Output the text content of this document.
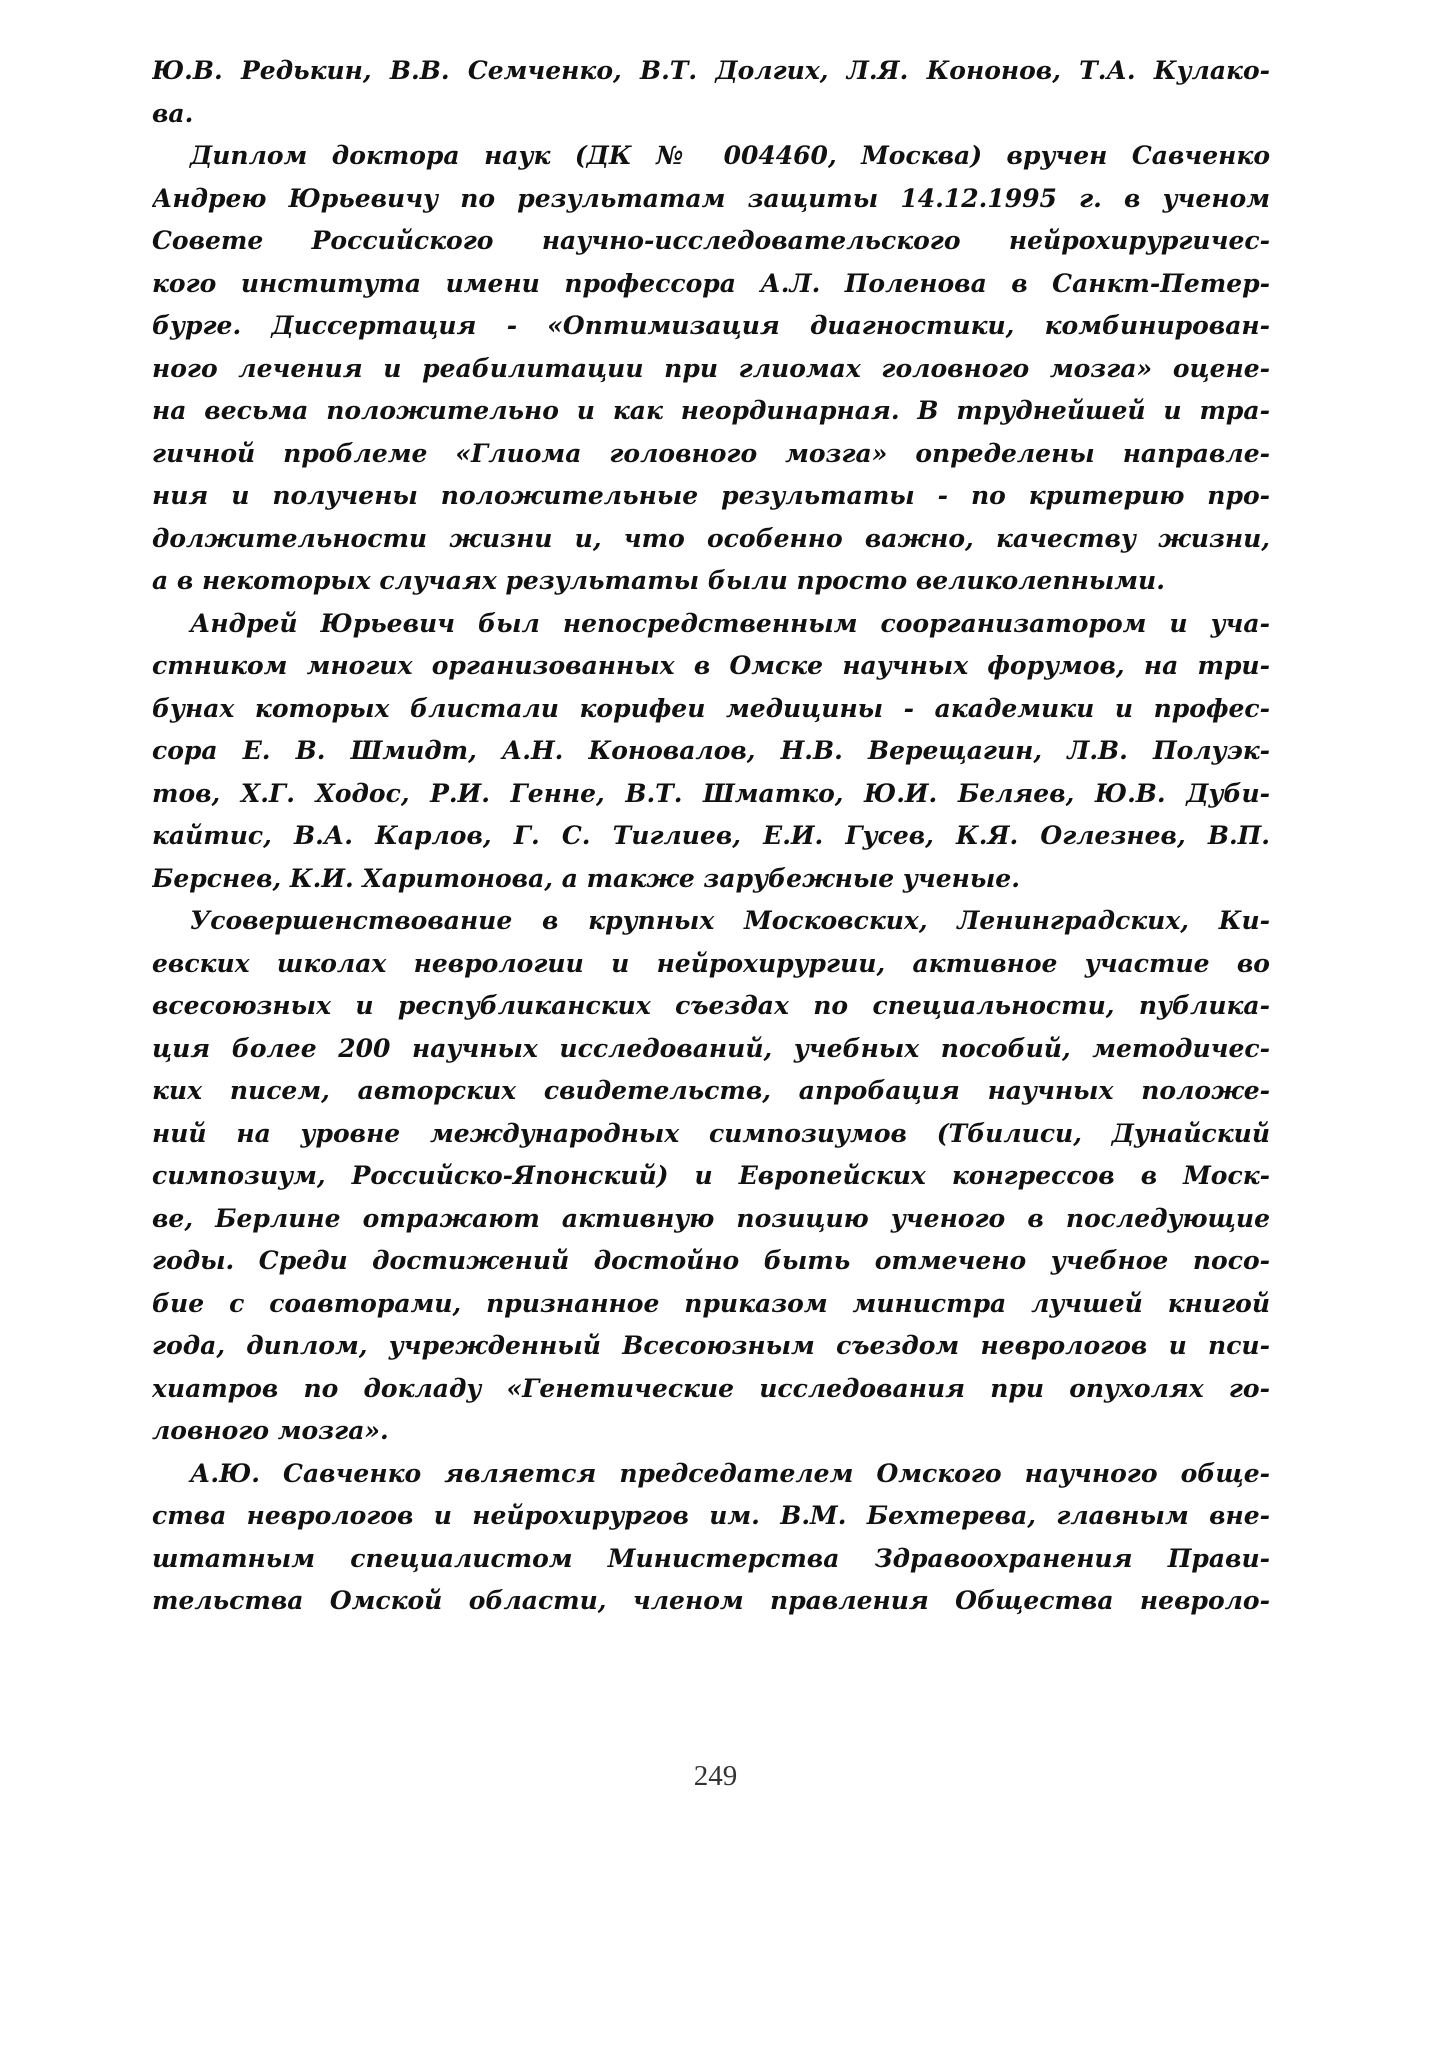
Ю.В. Редькин, В.В. Семченко, В.Т. Долгих, Л.Я. Кононов, Т.А. Кулако-
ва.
Диплом доктора наук (ДК № 004460, Москва) вручен Савченко
Андрею Юрьевичу по результатам защиты 14.12.1995 г. в ученом
Совете Российского научно-исследовательского нейрохирургичес-
кого института имени профессора А.Л. Поленова в Санкт-Петер-
бурге. Диссертация - «Оптимизация диагностики, комбинирован-
ного лечения и реабилитации при глиомах головного мозга» оцене-
на весьма положительно и как неординарная. В труднейшей и тра-
гичной проблеме «Глиома головного мозга» определены направле-
ния и получены положительные результаты - по критерию про-
должительности жизни и, что особенно важно, качеству жизни,
а в некоторых случаях результаты были просто великолепными.
Андрей Юрьевич был непосредственным соорганизатором и уча-
стником многих организованных в Омске научных форумов, на три-
бунах которых блистали корифеи медицины - академики и профес-
сора Е. В. Шмидт, А.Н. Коновалов, Н.В. Верещагин, Л.В. Полуэк-
тов, Х.Г. Ходос, Р.И. Генне, В.Т. Шматко, Ю.И. Беляев, Ю.В. Дуби-
кайтис, В.А. Карлов, Г. С. Тиглиев, Е.И. Гусев, К.Я. Оглезнев, В.П.
Берснев, К.И. Харитонова, а также зарубежные ученые.
Усовершенствование в крупных Московских, Ленинградских, Ки-
евских школах неврологии и нейрохирургии, активное участие во
всесоюзных и республиканских съездах по специальности, публика-
ция более 200 научных исследований, учебных пособий, методичес-
ких писем, авторских свидетельств, апробация научных положе-
ний на уровне международных симпозиумов (Тбилиси, Дунайский
симпозиум, Российско-Японский) и Европейских конгрессов в Моск-
ве, Берлине отражают активную позицию ученого в последующие
годы. Среди достижений достойно быть отмечено учебное посо-
бие с соавторами, признанное приказом министра лучшей книгой
года, диплом, учрежденный Всесоюзным съездом неврологов и пси-
хиатров по докладу «Генетические исследования при опухолях го-
ловного мозга».
А.Ю. Савченко является председателем Омского научного обще-
ства неврологов и нейрохирургов им. В.М. Бехтерева, главным вне-
штатным специалистом Министерства Здравоохранения Прави-
тельства Омской области, членом правления Общества невроло-
249
